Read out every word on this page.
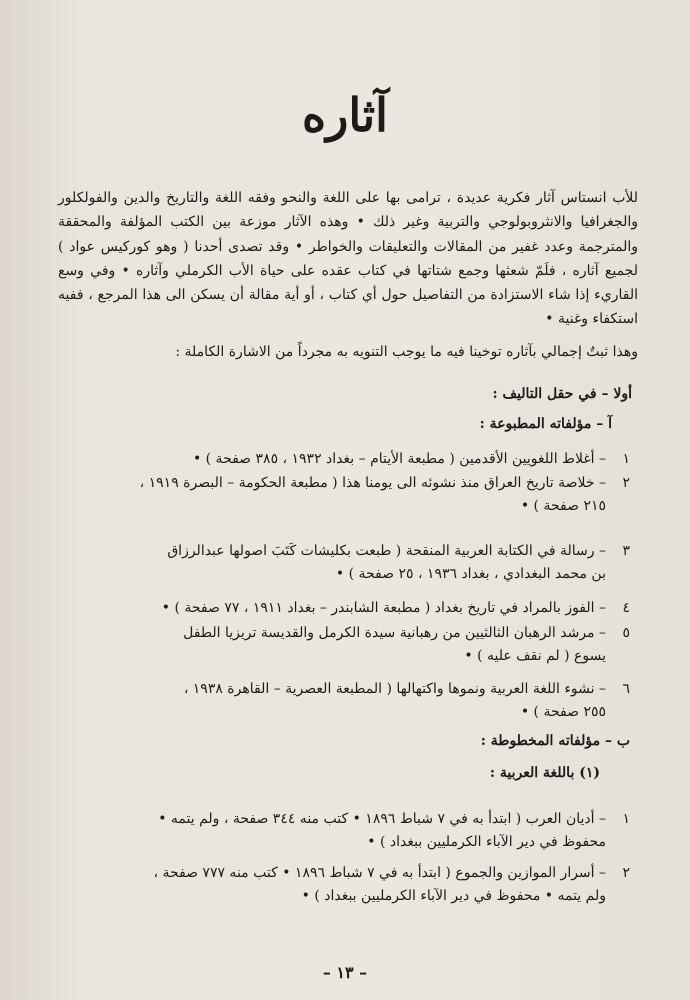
آثاره

للأب انستاس آثار فكرية عديدة ، ترامى بها على اللغة والنحو وفقه اللغة والتاريخ والدين والفولكلور والجغرافيا والانثروبولوجي والتربية وغير ذلك • وهذه الآثار موزعة بين الكتب المؤلفة والمحققة والمترجمة وعدد غفير من المقالات والتعليقات والخواطر • وقد تصدى أحدنا ( وهو كوركيس عواد ) لجميع آثاره ، فلَمّ شعثها وجمع شتاتها في كتاب عقده على حياة الأب الكرملي وآثاره • وفي وسع القاريء إذا شاء الاستزادة من التفاصيل حول أي كتاب ، أو أية مقالة أن يسكن الى هذا المرجع ، ففيه استكفاء وغنية •

وهذا ثبتٌ إجمالي بآثاره توخينا فيه ما يوجب التنويه به مجرداً من الاشارة الكاملة :

أولا – في حقل التاليف :
آ – مؤلفاته المطبوعة :
١– أغلاط اللغويين الأقدمين ( مطبعة الأيتام – بغداد ١٩٣٢ ، ٣٨٥ صفحة ) •
٢– خلاصة تاريخ العراق منذ نشوئه الى يومنا هذا ( مطبعة الحكومة – البصرة ١٩١٩ ،
٢١٥ صفحة ) •
٣– رسالة في الكتابة العربية المنقحة ( طبعت بكليشات كَتَبَ اصولها عبدالرزاق
بن محمد البغدادي ، بغداد ١٩٣٦ ، ٢٥ صفحة ) •
٤– الفوز بالمراد في تاريخ بغداد ( مطبعة الشابندر – بغداد ١٩١١ ، ٧٧ صفحة ) •
٥– مرشد الرهبان الثالثيين من رهبانية سيدة الكرمل والقديسة تريزيا الطفل
يسوع ( لم نقف عليه ) •
٦– نشوء اللغة العربية ونموها واكتهالها ( المطبعة العصرية – القاهرة ١٩٣٨ ،
٢٥٥ صفحة ) •
ب – مؤلفاته المخطوطة :
(١) باللغة العربية :
١– أديان العرب ( ابتدأ به في ٧ شباط ١٨٩٦ • كتب منه ٣٤٤ صفحة ، ولم يتمه •
محفوظ في دير الآباء الكرمليين ببغداد ) •
٢– أسرار الموازين والجموع ( ابتدأ به في ٧ شباط ١٨٩٦ • كتب منه ٧٧٧ صفحة ،
ولم يتمه • محفوظ في دير الآباء الكرمليين ببغداد ) •
– ١٣ –
